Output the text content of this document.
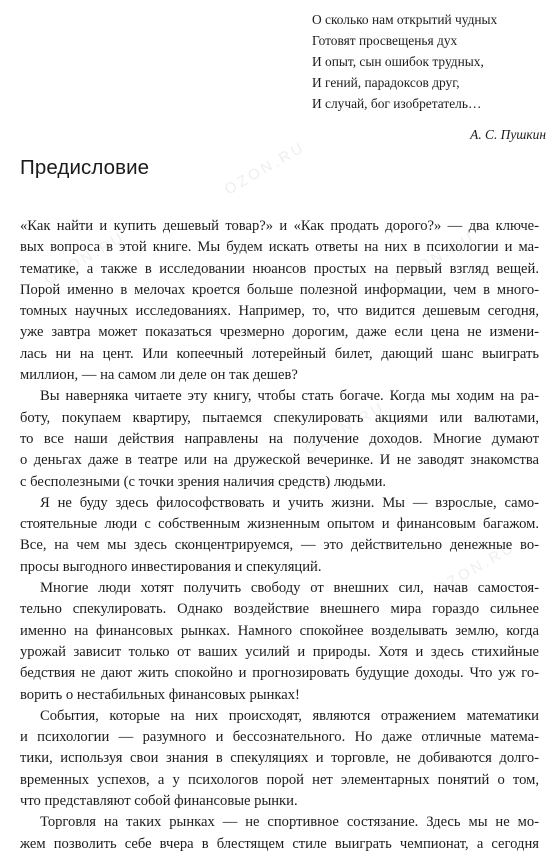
OZON.RU
OZON.RU
OZON.RU
OZON.RU
OZON.RU
О сколько нам открытий чудных
Готовят просвещенья дух
И опыт, сын ошибок трудных,
И гений, парадоксов друг,
И случай, бог изобретатель…
А. С. Пушкин
Предисловие

«Как найти и купить дешевый товар?» и «Как продать дорого?» — два ключе-
вых вопроса в этой книге. Мы будем искать ответы на них в психологии и ма-
тематике, а также в исследовании нюансов простых на первый взгляд вещей.
Порой именно в мелочах кроется больше полезной информации, чем в много-
томных научных исследованиях. Например, то, что видится дешевым сегодня,
уже завтра может показаться чрезмерно дорогим, даже если цена не измени-
лась ни на цент. Или копеечный лотерейный билет, дающий шанс выиграть
миллион, — на самом ли деле он так дешев?

Вы наверняка читаете эту книгу, чтобы стать богаче. Когда мы ходим на ра-
боту, покупаем квартиру, пытаемся спекулировать акциями или валютами,
то все наши действия направлены на получение доходов. Многие думают
о деньгах даже в театре или на дружеской вечеринке. И не заводят знакомства
с бесполезными (с точки зрения наличия средств) людьми.

Я не буду здесь философствовать и учить жизни. Мы — взрослые, само-
стоятельные люди с собственным жизненным опытом и финансовым багажом.
Все, на чем мы здесь сконцентрируемся, — это действительно денежные во-
просы выгодного инвестирования и спекуляций.

Многие люди хотят получить свободу от внешних сил, начав самостоя-
тельно спекулировать. Однако воздействие внешнего мира гораздо сильнее
именно на финансовых рынках. Намного спокойнее возделывать землю, когда
урожай зависит только от ваших усилий и природы. Хотя и здесь стихийные
бедствия не дают жить спокойно и прогнозировать будущие доходы. Что уж го-
ворить о нестабильных финансовых рынках!

События, которые на них происходят, являются отражением математики
и психологии — разумного и бессознательного. Но даже отличные матема-
тики, используя свои знания в спекуляциях и торговле, не добиваются долго-
временных успехов, а у психологов порой нет элементарных понятий о том,
что представляют собой финансовые рынки.

Торговля на таких рынках — не спортивное состязание. Здесь мы не мо-
жем позволить себе вчера в блестящем стиле выиграть чемпионат, а сегодня
